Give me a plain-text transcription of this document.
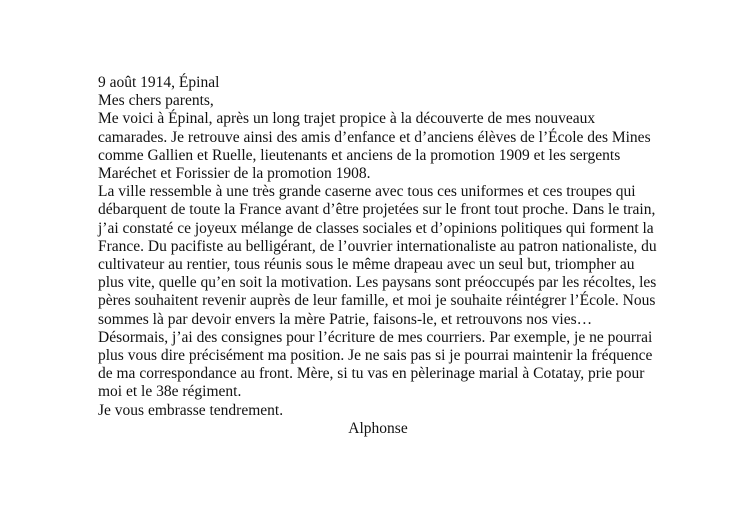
9 août 1914, Épinal

Mes chers parents,

Me voici à Épinal, après un long trajet propice à la découverte de mes nouveaux camarades. Je retrouve ainsi des amis d’enfance et d’anciens élèves de l’École des Mines comme Gallien et Ruelle, lieutenants et anciens de la promotion 1909 et les sergents Maréchet et Forissier de la promotion 1908.

La ville ressemble à une très grande caserne avec tous ces uniformes et ces troupes qui débarquent de toute la France avant d’être projetées sur le front tout proche. Dans le train, j’ai constaté ce joyeux mélange de classes sociales et d’opinions politiques qui forment la France. Du pacifiste au belligérant, de l’ouvrier internationaliste au patron nationaliste, du cultivateur au rentier, tous réunis sous le même drapeau avec un seul but, triompher au plus vite, quelle qu’en soit la motivation. Les paysans sont préoccupés par les récoltes, les pères souhaitent revenir auprès de leur famille, et moi je souhaite réintégrer l’École. Nous sommes là par devoir envers la mère Patrie, faisons-le, et retrouvons nos vies…

Désormais, j’ai des consignes pour l’écriture de mes courriers. Par exemple, je ne pourrai plus vous dire précisément ma position. Je ne sais pas si je pourrai maintenir la fréquence de ma correspondance au front. Mère, si tu vas en pèlerinage marial à Cotatay, prie pour moi et le 38e régiment.

Je vous embrasse tendrement.

Alphonse
